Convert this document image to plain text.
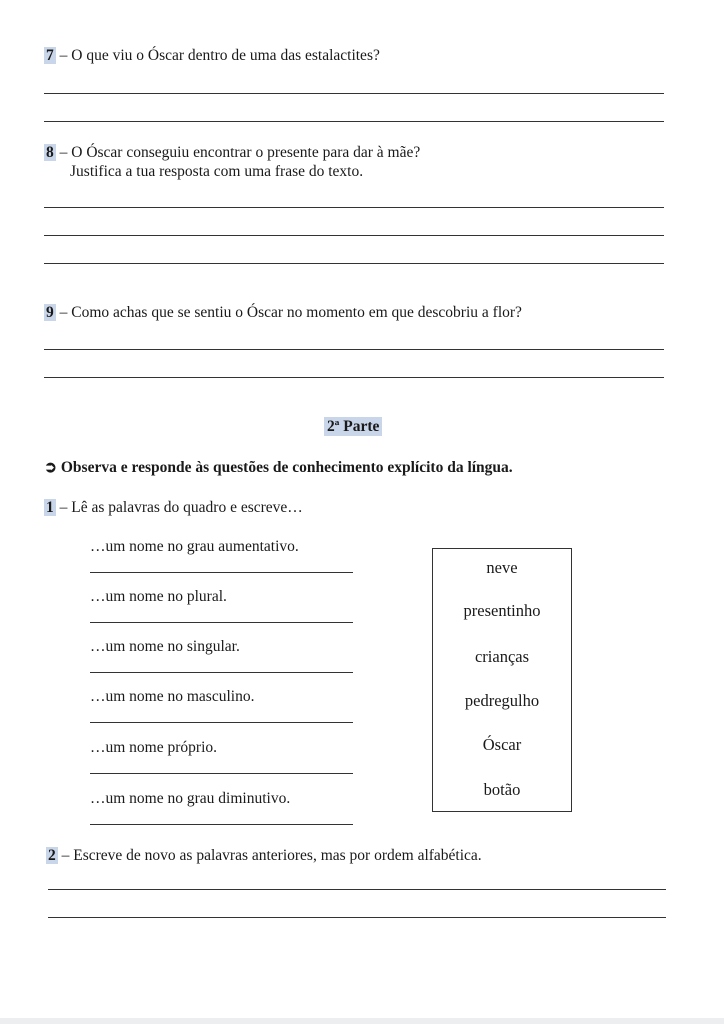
7 – O que viu o Óscar dentro de uma das estalactites?
8 – O Óscar conseguiu encontrar o presente para dar à mãe?
Justifica a tua resposta com uma frase do texto.
9 – Como achas que se sentiu o Óscar no momento em que descobriu a flor?
2ª Parte
➲ Observa e responde às questões de conhecimento explícito da língua.
1 – Lê as palavras do quadro e escreve…
…um nome no grau aumentativo.
…um nome no plural.
…um nome no singular.
…um nome no masculino.
…um nome próprio.
…um nome no grau diminutivo.
neve
presentinho
crianças
pedregulho
Óscar
botão
2 – Escreve de novo as palavras anteriores, mas por ordem alfabética.
